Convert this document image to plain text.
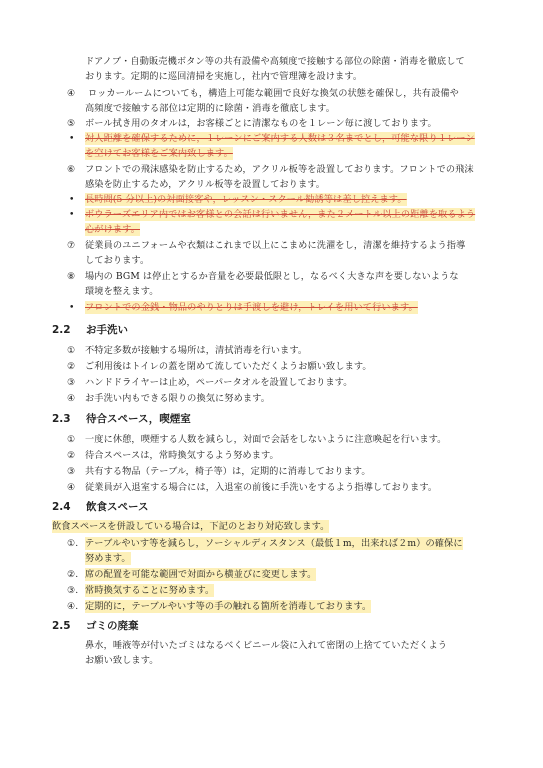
ドアノブ・自動販売機ボタン等の共有設備や高頻度で接触する部位の除菌・消毒を徹底して
おります。定期的に巡回清掃を実施し，社内で管理簿を設けます。
④ ロッカールームについても，構造上可能な範囲で良好な換気の状態を確保し，共有設備や
高頻度で接触する部位は定期的に除菌・消毒を徹底します。
⑤ ボール拭き用のタオルは，お客様ごとに清潔なものを１レーン毎に渡しております。
• 対人距離を確保するために，１レーンにご案内する人数は３名までとし，可能な限り１レーン
を空けてお客様をご案内致します。
⑥ フロントでの飛沫感染を防止するため，アクリル板等を設置しております。フロントでの飛沫
感染を防止するため，アクリル板等を設置しております。
• 長時間(5 分以上)の対面接客や，レッスン・スクール勧誘等は差し控えます。
• ボウラーズエリア内ではお客様との会話は行いません，また２メートル以上の距離を取るよう
心がけます。
⑦ 従業員のユニフォームや衣類はこれまで以上にこまめに洗濯をし，清潔を維持するよう指導
しております。
⑧ 場内の BGM は停止とするか音量を必要最低限とし，なるべく大きな声を要しないような
環境を整えます。
• フロントでの金銭・物品のやりとりは手渡しを避け，トレイを用いて行います。
2.2 お手洗い
① 不特定多数が接触する場所は，清拭消毒を行います。
② ご利用後はトイレの蓋を閉めて流していただくようお願い致します。
③ ハンドドライヤーは止め，ペーパータオルを設置しております。
④ お手洗い内もできる限りの換気に努めます。
2.3 待合スペース，喫煙室
① 一度に休憩，喫煙する人数を減らし，対面で会話をしないように注意喚起を行います。
② 待合スペースは，常時換気するよう努めます。
③ 共有する物品（テーブル，椅子等）は，定期的に消毒しております。
④ 従業員が入退室する場合には，入退室の前後に手洗いをするよう指導しております。
2.4 飲食スペース
飲食スペースを併設している場合は，下記のとおり対応致します。
①. テーブルやいす等を減らし，ソーシャルディスタンス（最低１m，出来れば２m）の確保に
努めます。
②. 席の配置を可能な範囲で対面から横並びに変更します。
③. 常時換気することに努めます。
④. 定期的に，テーブルやいす等の手の触れる箇所を消毒しております。
2.5 ゴミの廃棄
鼻水，唾液等が付いたゴミはなるべくビニール袋に入れて密閉の上捨てていただくよう
お願い致します。
